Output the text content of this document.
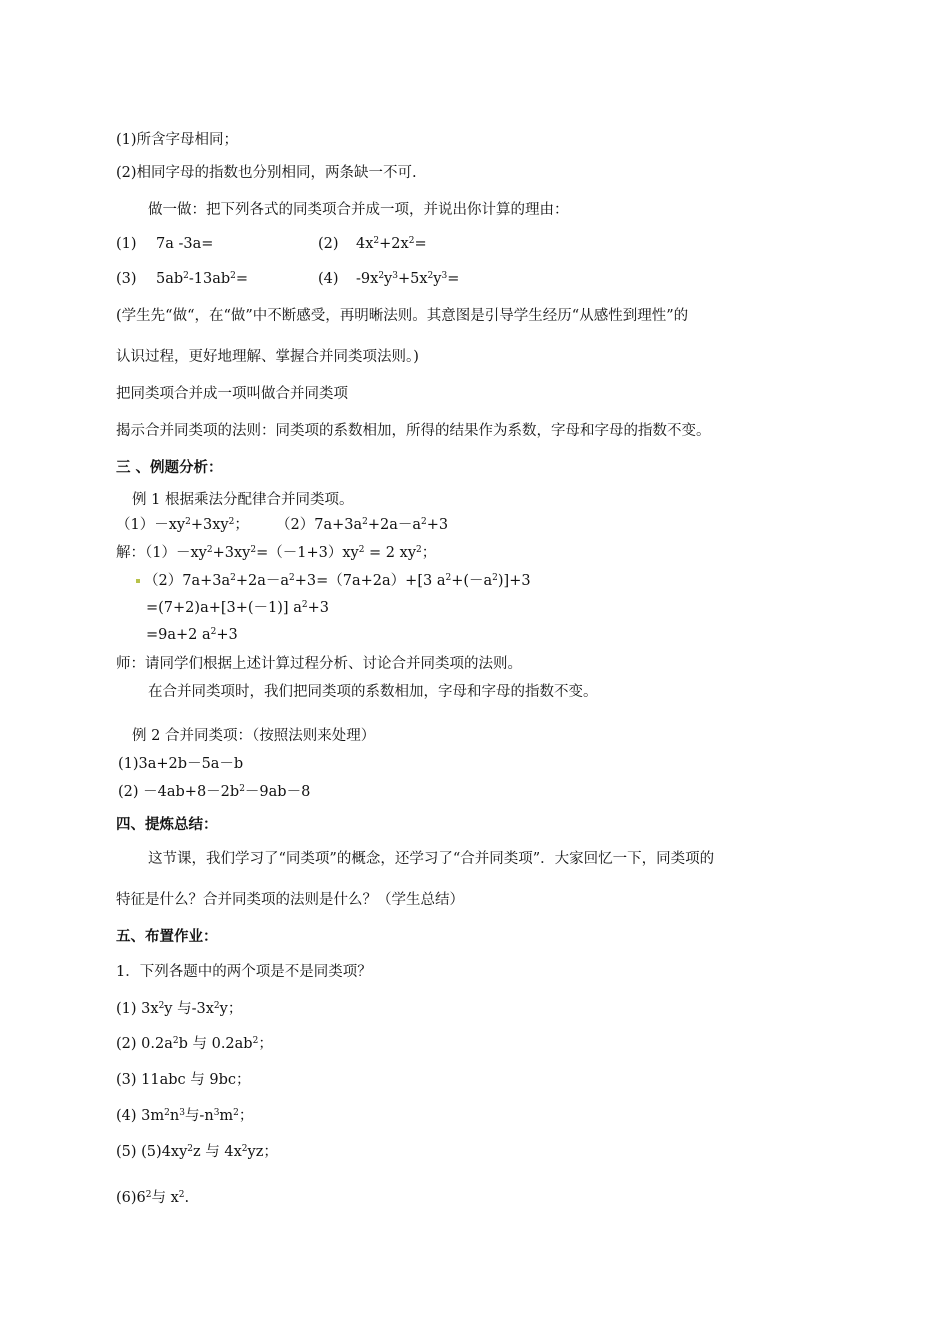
(1)所含字母相同；
(2)相同字母的指数也分别相同，两条缺一不可.
做一做：把下列各式的同类项合并成一项，并说出你计算的理由：
(1) 7a -3a=	(2) $4x^2+2x^2=$
(3) $5ab^2-13ab^2=$	(4) $-9x^2y^3+5x^2y^3=$
(学生先“做“，在“做”中不断感受，再明晰法则。其意图是引导学生经历“从感性到理性”的
认识过程，更好地理解、掌握合并同类项法则。)
把同类项合并成一项叫做合并同类项
揭示合并同类项的法则：同类项的系数相加，所得的结果作为系数，字母和字母的指数不变。
三 、例题分析：
例 1 根据乘法分配律合并同类项。
$(1)-xy^2+3xy^2$； $(2)7a+3a^2+2a-a^2+3$
解：$(1)-xy^2+3xy^2=(-1+3)xy^2 = 2$ $xy^2$；
$(2)7a+3a^2+2a-a^2+3=(7a+2a)+[3$ $a^2+(-a^2)]+3$
=(7+2)a+[3+(－1)] $a^2+3$
=9a+2 $a^2+3$
师：请同学们根据上述计算过程分析、讨论合并同类项的法则。
在合并同类项时，我们把同类项的系数相加，字母和字母的指数不变。
例 2 合并同类项：（按照法则来处理）
(1)3a+2b－5a－b
$(2) -4ab+8-2b^2-9ab-8$
四、提炼总结：
这节课，我们学习了“同类项”的概念，还学习了“合并同类项”．大家回忆一下，同类项的
特征是什么？合并同类项的法则是什么？（学生总结）
五、布置作业：
1．下列各题中的两个项是不是同类项？
(1) $3x^2y$ 与$-3x^2y$；
(2) $0.2a^2b$ 与 $0.2ab^2$；
(3) 11abc 与 9bc；
(4) $3m^2n^3$与$-n^3m^2$；
(5) $(5)4xy^2z$ 与 $4x^2yz$；
$(6)6^2$与 $x^2$.
